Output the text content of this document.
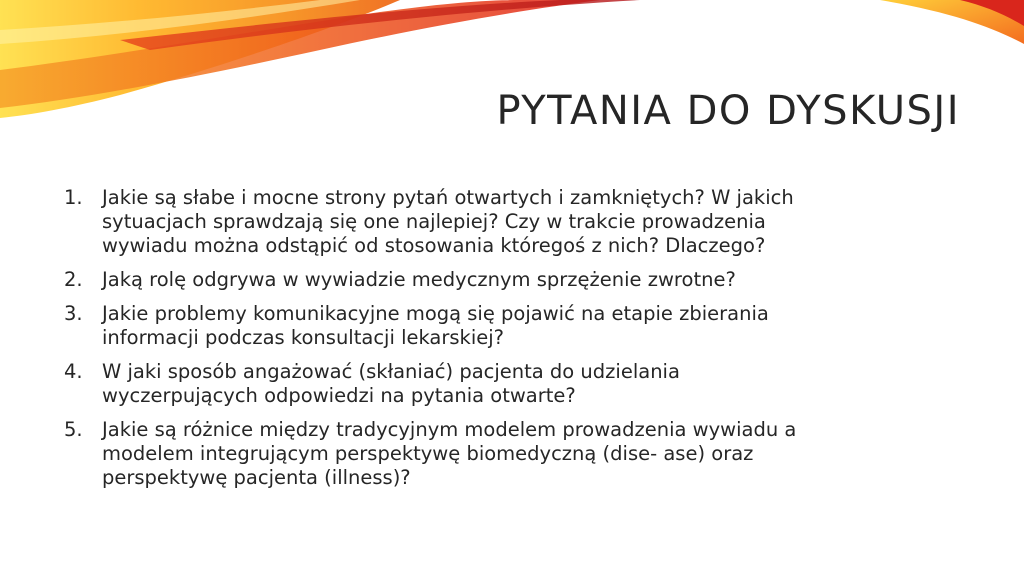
PYTANIA DO DYSKUSJI
1. Jakie są słabe i mocne strony pytań otwartych i zamkniętych? W jakich
sytuacjach sprawdzają się one najlepiej? Czy w trakcie prowadzenia
wywiadu można odstąpić od stosowania któregoś z nich? Dlaczego?
2. Jaką rolę odgrywa w wywiadzie medycznym sprzężenie zwrotne?
3. Jakie problemy komunikacyjne mogą się pojawić na etapie zbierania
informacji podczas konsultacji lekarskiej?
4. W jaki sposób angażować (skłaniać) pacjenta do udzielania
wyczerpujących odpowiedzi na pytania otwarte?
5. Jakie są różnice między tradycyjnym modelem prowadzenia wywiadu a
modelem integrującym perspektywę biomedyczną (dise- ase) oraz
perspektywę pacjenta (illness)?
